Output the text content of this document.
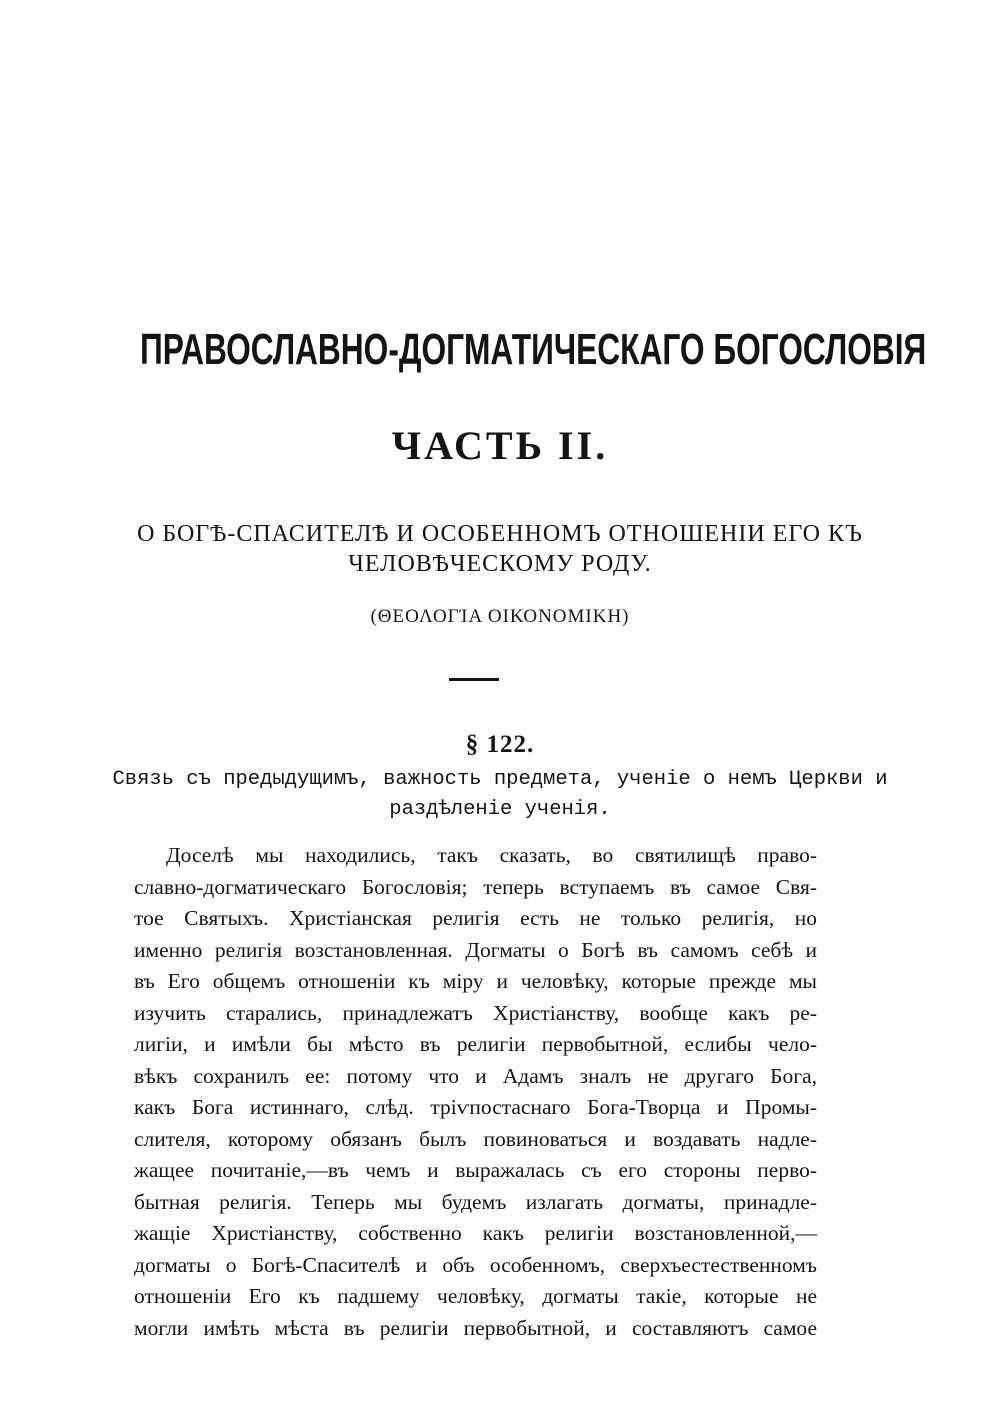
ПРАВОСЛАВНО-ДОГМАТИЧЕСКАГО БОГОСЛОВІЯ
ЧАСТЬ II.
О БОГѢ-СПАСИТЕЛѢ И ОСОБЕННОМЪ ОТНОШЕНІИ ЕГО КЪ ЧЕЛОВѢЧЕСКОМУ РОДУ.
(ΘΕΟΛΟΓΊΑ ΟΙΚΟΝΟΜΙΚΗ)
§ 122.
Связь съ предыдущимъ, важность предмета, ученіе о немъ Церкви и раздѣленіе ученія.
Доселѣ мы находились, такъ сказать, во святилищѣ право-
славно-догматическаго Богословія; теперь вступаемъ въ самое Свя-
тое Святыхъ. Христіанская религія есть не только религія, но
именно религія возстановленная. Догматы о Богѣ въ самомъ себѣ и
въ Его общемъ отношеніи къ міру и человѣку, которые прежде мы
изучить старались, принадлежатъ Христіанству, вообще какъ ре-
лигіи, и имѣли бы мѣсто въ религіи первобытной, еслибы чело-
вѣкъ сохранилъ ее: потому что и Адамъ зналъ не другаго Бога,
какъ Бога истиннаго, слѣд. тріѵпостаснаго Бога-Творца и Промы-
слителя, которому обязанъ былъ повиноваться и воздавать надле-
жащее почитаніе,—въ чемъ и выражалась съ его стороны перво-
бытная религія. Теперь мы будемъ излагать догматы, принадле-
жащіе Христіанству, собственно какъ религіи возстановленной,—
догматы о Богѣ-Спасителѣ и объ особенномъ, сверхъестественномъ
отношеніи Его къ падшему человѣку, догматы такіе, которые не
могли имѣть мѣста въ религіи первобытной, и составляютъ самое
